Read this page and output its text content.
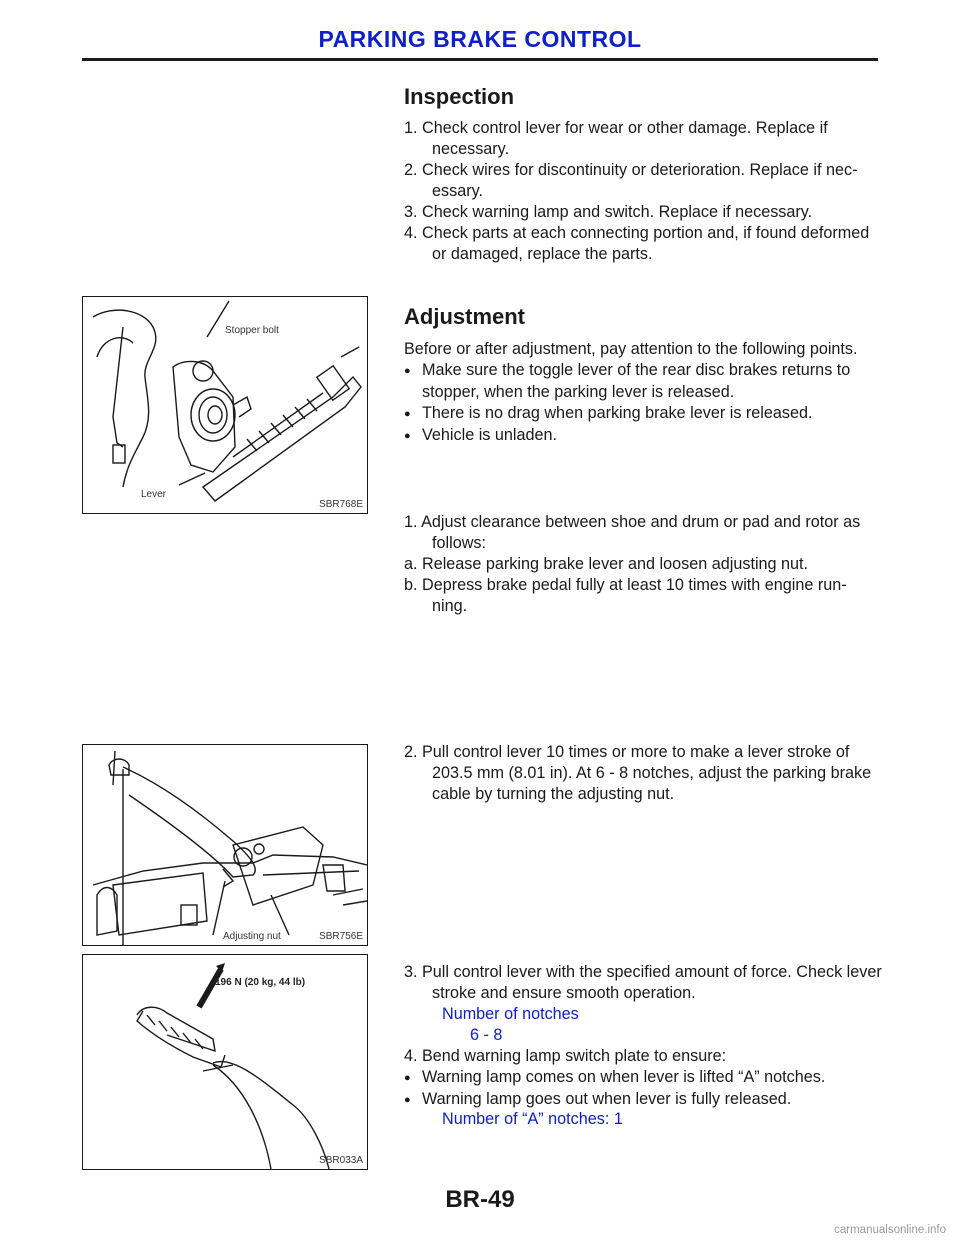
PARKING BRAKE CONTROL
Inspection
1. Check control lever for wear or other damage. Replace if necessary.
2. Check wires for discontinuity or deterioration. Replace if nec- essary.
3. Check warning lamp and switch. Replace if necessary.
4. Check parts at each connecting portion and, if found deformed or damaged, replace the parts.
Stopper bolt
Lever
SBR768E
Adjustment
Before or after adjustment, pay attention to the following points.
● Make sure the toggle lever of the rear disc brakes returns to stopper, when the parking lever is released.
● There is no drag when parking brake lever is released.
● Vehicle is unladen.
1. Adjust clearance between shoe and drum or pad and rotor as follows:
a. Release parking brake lever and loosen adjusting nut.
b. Depress brake pedal fully at least 10 times with engine run- ning.
Adjusting nut	SBR756E
2. Pull control lever 10 times or more to make a lever stroke of 203.5 mm (8.01 in). At 6 - 8 notches, adjust the parking brake cable by turning the adjusting nut.
196 N (20 kg, 44 lb)
SBR033A
3. Pull control lever with the specified amount of force. Check lever stroke and ensure smooth operation.
Number of notches
6 - 8
4. Bend warning lamp switch plate to ensure:
● Warning lamp comes on when lever is lifted “A” notches.
● Warning lamp goes out when lever is fully released.
Number of “A” notches: 1
BR-49
carmanualsonline.info
